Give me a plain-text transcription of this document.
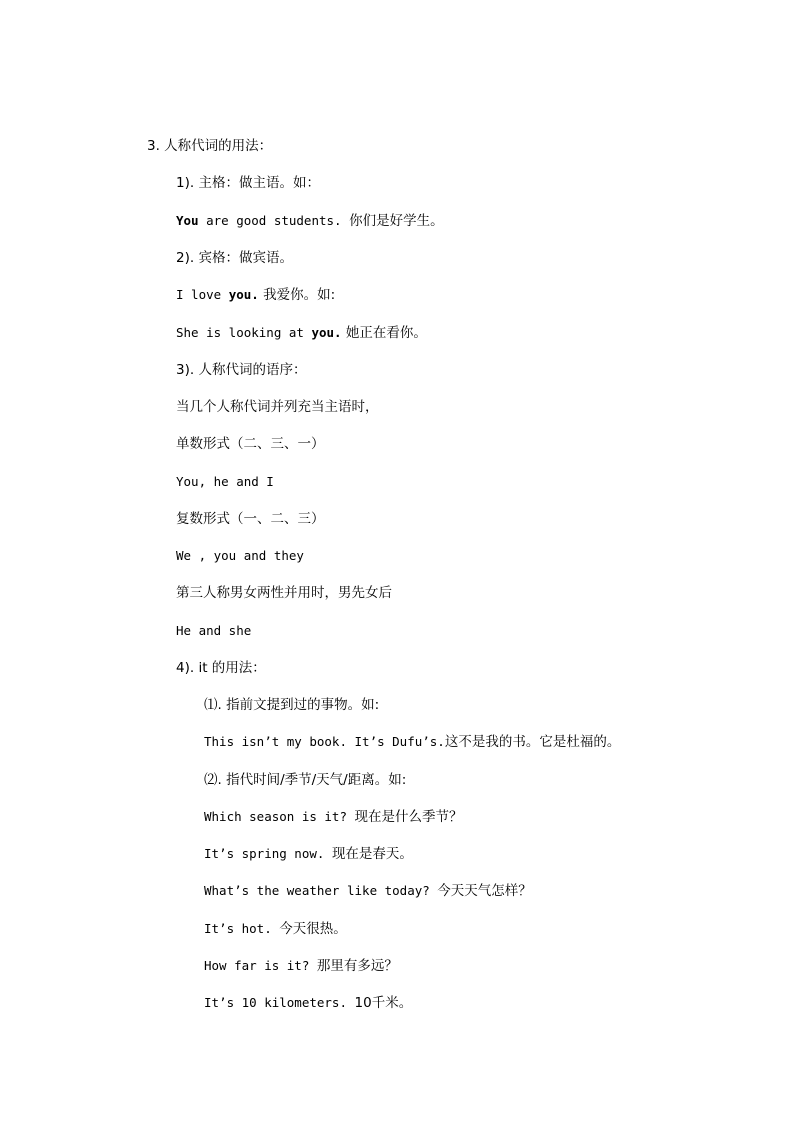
3. 人称代词的用法：
1). 主格：做主语。如：
You are good students. 你们是好学生。
2). 宾格：做宾语。
I love you. 我爱你。如:
She is looking at you. 她正在看你。
3). 人称代词的语序：
当几个人称代词并列充当主语时，
单数形式（二、三、一）
You, he and I
复数形式（一、二、三）
We , you and they
第三人称男女两性并用时，男先女后
He and she
4). it 的用法：
⑴. 指前文提到过的事物。如:
This isn’t my book. It’s Dufu’s.这不是我的书。它是杜福的。
⑵. 指代时间/季节/天气/距离。如:
Which season is it? 现在是什么季节？
It’s spring now. 现在是春天。
What’s the weather like today? 今天天气怎样？
It’s hot. 今天很热。
How far is it? 那里有多远？
It’s 10 kilometers. 10千米。
